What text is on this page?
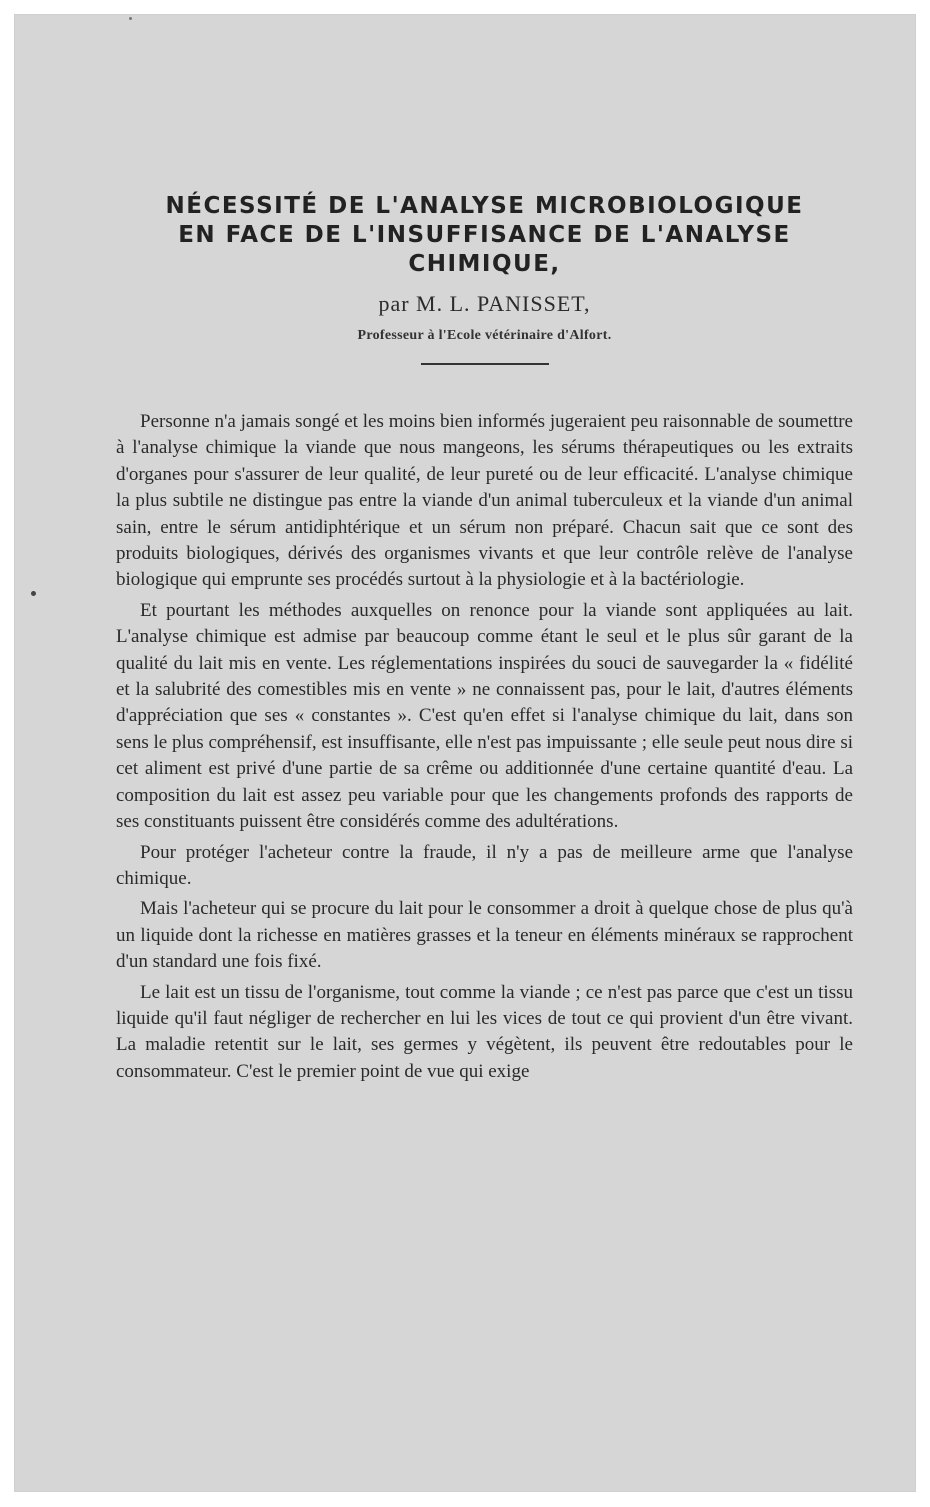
NÉCESSITÉ DE L'ANALYSE MICROBIOLOGIQUE
EN FACE DE L'INSUFFISANCE DE L'ANALYSE
CHIMIQUE,
par M. L. PANISSET,
Professeur à l'Ecole vétérinaire d'Alfort.

Personne n'a jamais songé et les moins bien informés jugeraient peu raisonnable de soumettre à l'analyse chimique la viande que nous mangeons, les sérums thérapeutiques ou les extraits d'organes pour s'assurer de leur qualité, de leur pureté ou de leur efficacité. L'analyse chimique la plus subtile ne distingue pas entre la viande d'un animal tuberculeux et la viande d'un animal sain, entre le sérum antidiphtérique et un sérum non préparé. Chacun sait que ce sont des produits biologiques, dérivés des organismes vivants et que leur contrôle relève de l'analyse biologique qui emprunte ses procédés surtout à la physiologie et à la bactériologie.

Et pourtant les méthodes auxquelles on renonce pour la viande sont appliquées au lait. L'analyse chimique est admise par beaucoup comme étant le seul et le plus sûr garant de la qualité du lait mis en vente. Les réglementations inspirées du souci de sauvegarder la « fidélité et la salubrité des comestibles mis en vente » ne connaissent pas, pour le lait, d'autres éléments d'appréciation que ses « constantes ». C'est qu'en effet si l'analyse chimique du lait, dans son sens le plus compréhensif, est insuffisante, elle n'est pas impuissante ; elle seule peut nous dire si cet aliment est privé d'une partie de sa crême ou additionnée d'une certaine quantité d'eau. La composition du lait est assez peu variable pour que les changements profonds des rapports de ses constituants puissent être considérés comme des adultérations.

Pour protéger l'acheteur contre la fraude, il n'y a pas de meilleure arme que l'analyse chimique.

Mais l'acheteur qui se procure du lait pour le consommer a droit à quelque chose de plus qu'à un liquide dont la richesse en matières grasses et la teneur en éléments minéraux se rapprochent d'un standard une fois fixé.

Le lait est un tissu de l'organisme, tout comme la viande ; ce n'est pas parce que c'est un tissu liquide qu'il faut négliger de rechercher en lui les vices de tout ce qui provient d'un être vivant. La maladie retentit sur le lait, ses germes y végètent, ils peuvent être redoutables pour le consommateur. C'est le premier point de vue qui exige
